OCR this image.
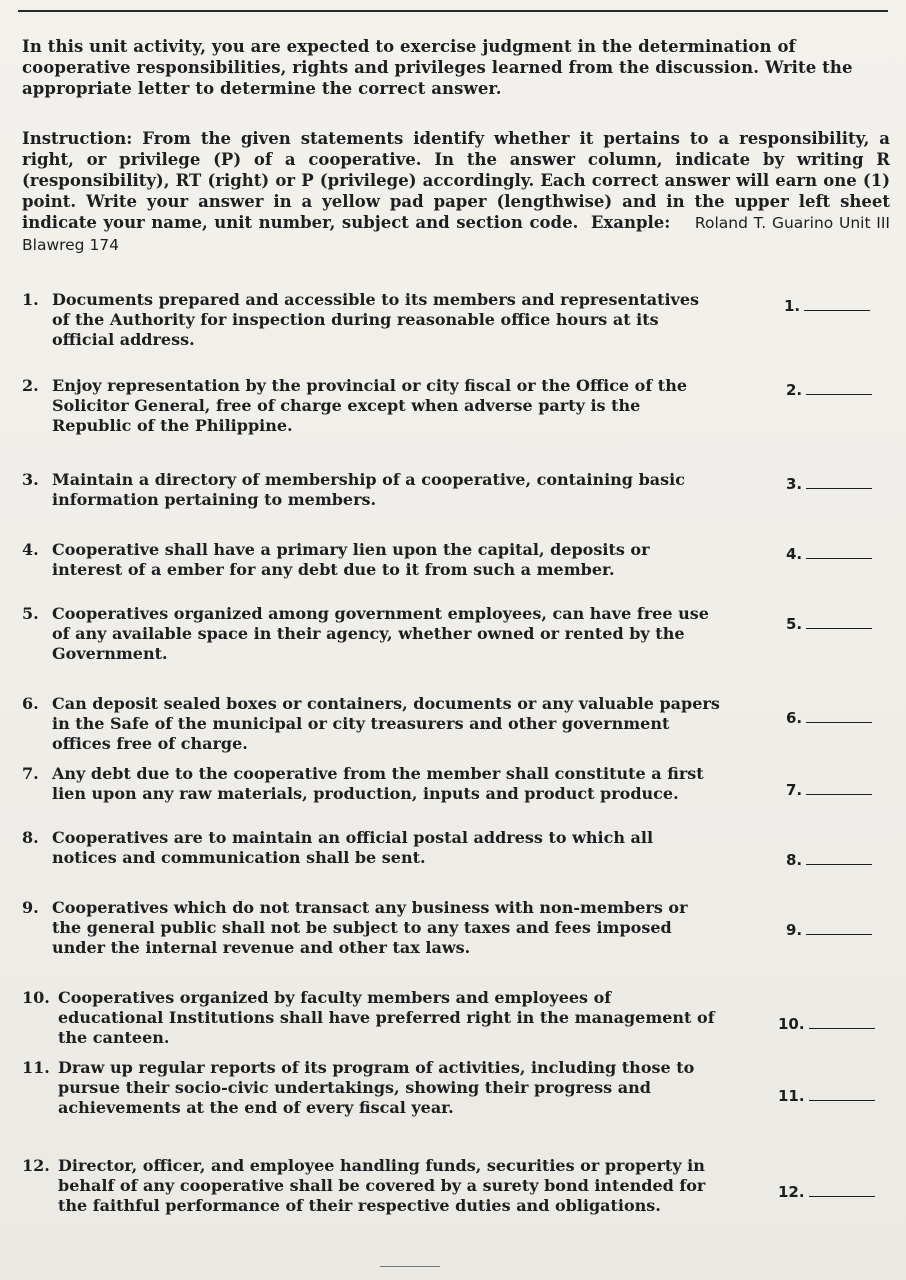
In this unit activity, you are expected to exercise judgment in the determination of cooperative responsibilities, rights and privileges learned from the discussion. Write the appropriate letter to determine the correct answer.
Instruction: From the given statements identify whether it pertains to a responsibility, a right, or privilege (P) of a cooperative. In the answer column, indicate by writing R (responsibility), RT (right) or P (privilege) accordingly. Each correct answer will earn one (1) point. Write your answer in a yellow pad paper (lengthwise) and in the upper left sheet indicate your name, unit number, subject and section code. Exanple: Roland T. Guarino Unit III Blawreg 174
1. Documents prepared and accessible to its members and representatives of the Authority for inspection during reasonable office hours at its official address.
1.
2. Enjoy representation by the provincial or city fiscal or the Office of the Solicitor General, free of charge except when adverse party is the Republic of the Philippine.
2.
3. Maintain a directory of membership of a cooperative, containing basic information pertaining to members.
3.
4. Cooperative shall have a primary lien upon the capital, deposits or interest of a ember for any debt due to it from such a member.
4.
5. Cooperatives organized among government employees, can have free use of any available space in their agency, whether owned or rented by the Government.
5.
6. Can deposit sealed boxes or containers, documents or any valuable papers in the Safe of the municipal or city treasurers and other government offices free of charge.
6.
7. Any debt due to the cooperative from the member shall constitute a first lien upon any raw materials, production, inputs and product produce.	7.
8. Cooperatives are to maintain an official postal address to which all notices and communication shall be sent.	8.
9. Cooperatives which do not transact any business with non-members or the general public shall not be subject to any taxes and fees imposed under the internal revenue and other tax laws.
9.
10. Cooperatives organized by faculty members and employees of educational Institutions shall have preferred right in the management of the canteen.
10.
11. Draw up regular reports of its program of activities, including those to pursue their socio-civic undertakings, showing their progress and achievements at the end of every fiscal year.
11.
12. Director, officer, and employee handling funds, securities or property in behalf of any cooperative shall be covered by a surety bond intended for the faithful performance of their respective duties and obligations.
12.
